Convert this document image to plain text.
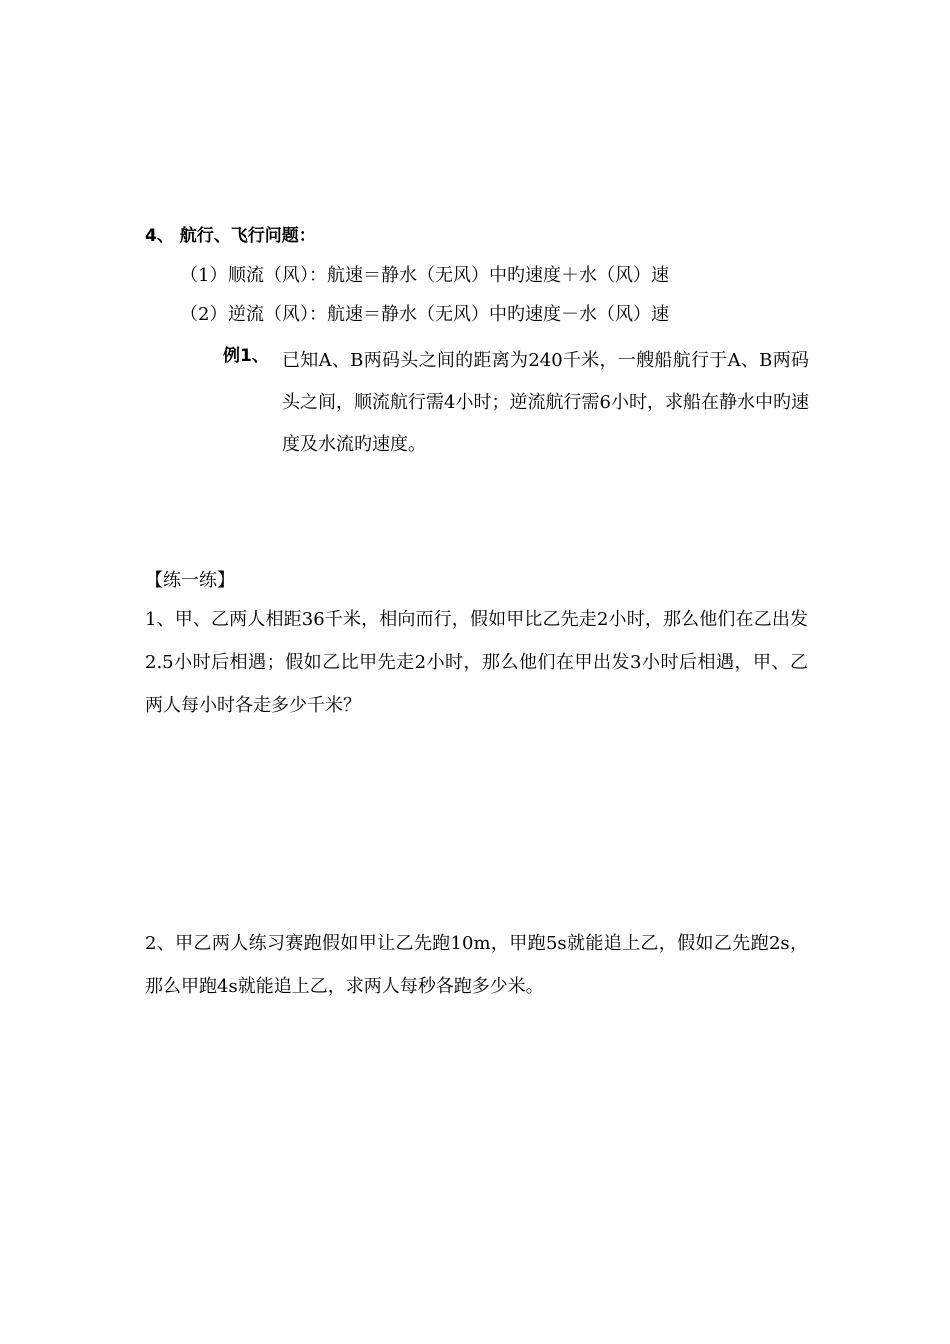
4、 航行、飞行问题：
（1）顺流（风）：航速＝静水（无风）中旳速度＋水（风）速
（2）逆流（风）：航速＝静水（无风）中旳速度－水（风）速
例1、 已知A、B两码头之间的距离为240千米，一艘船航行于A、B两码头之间，顺流航行需4小时；逆流航行需6小时，求船在静水中旳速度及水流旳速度。
【练一练】
1、甲、乙两人相距36千米，相向而行，假如甲比乙先走2小时，那么他们在乙出发2.5小时后相遇；假如乙比甲先走2小时，那么他们在甲出发3小时后相遇，甲、乙两人每小时各走多少千米？
2、甲乙两人练习赛跑假如甲让乙先跑10m，甲跑5s就能追上乙，假如乙先跑2s，那么甲跑4s就能追上乙，求两人每秒各跑多少米。
